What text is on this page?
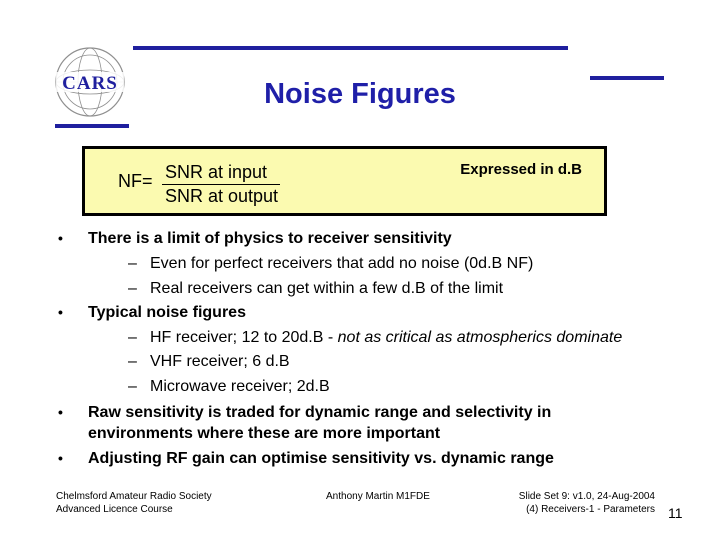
CARS	Noise Figures
NF= SNR at input
SNR at output
Expressed in d.B
• There is a limit of physics to receiver sensitivity
– Even for perfect receivers that add no noise (0d.B NF)
– Real receivers can get within a few d.B of the limit
• Typical noise figures
– HF receiver; 12 to 20d.B - not as critical as atmospherics dominate
– VHF receiver; 6 d.B
– Microwave receiver; 2d.B
• Raw sensitivity is traded for dynamic range and selectivity in
environments where these are more important
• Adjusting RF gain can optimise sensitivity vs. dynamic range
Chelmsford Amateur Radio Society
Advanced Licence Course
Anthony Martin M1FDE	Slide Set 9: v1.0, 24-Aug-2004
(4) Receivers-1 - Parameters 11
